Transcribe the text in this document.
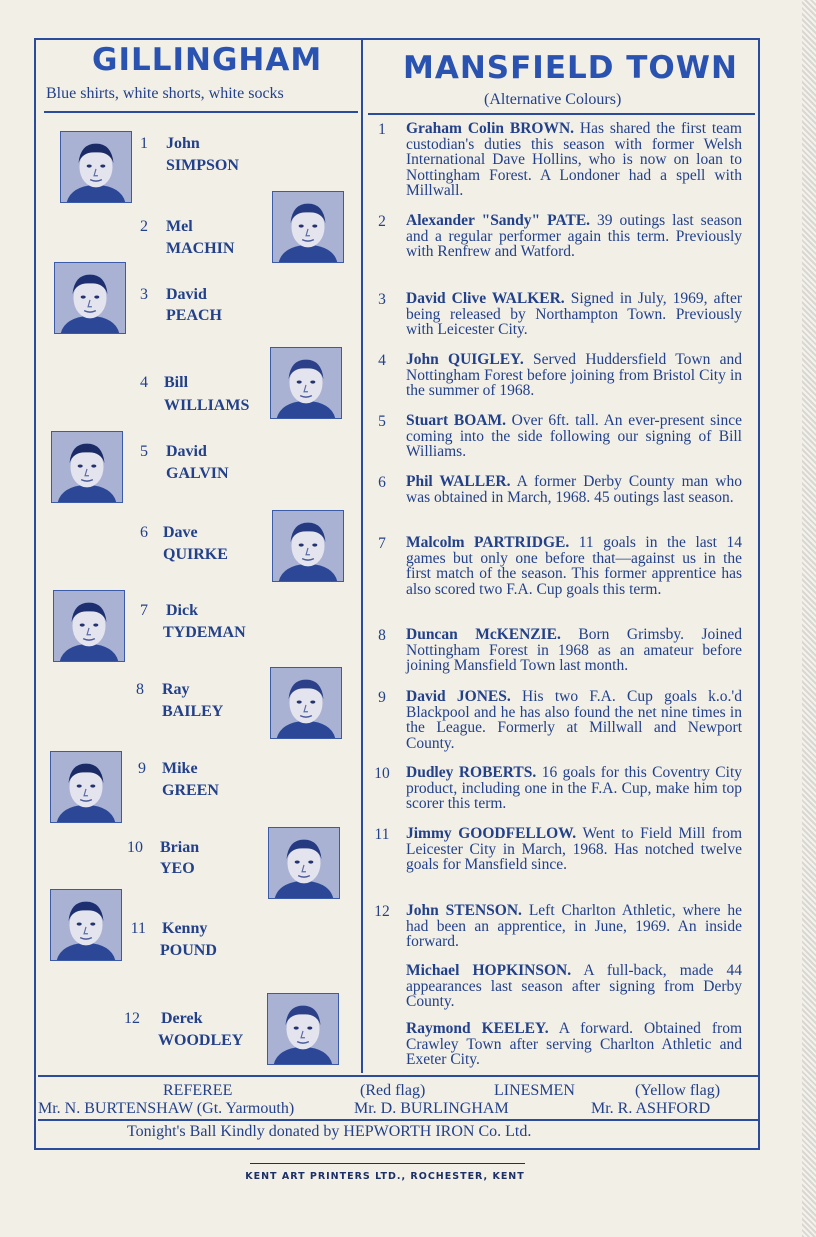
GILLINGHAM
Blue shirts, white shorts, white socks
MANSFIELD TOWN
(Alternative Colours)
1 John
SIMPSON
2 Mel
MACHIN
3 David
PEACH
4 Bill
WILLIAMS
5 David
GALVIN
6 Dave
QUIRKE
7 Dick
TYDEMAN
8 Ray
BAILEY
9 Mike
GREEN
10 Brian
YEO
11 Kenny
POUND
12 Derek
WOODLEY
1	Graham Colin BROWN. Has shared the first team custodian's duties this season with former Welsh International Dave Hollins, who is now on loan to Nottingham Forest. A Londoner had a spell with Millwall.
2	Alexander "Sandy" PATE. 39 outings last season and a regular performer again this term. Previously with Renfrew and Watford.
3	David Clive WALKER. Signed in July, 1969, after being released by Northampton Town. Previously with Leicester City.
4	John QUIGLEY. Served Huddersfield Town and Nottingham Forest before joining from Bristol City in the summer of 1968.
5	Stuart BOAM. Over 6ft. tall. An ever-present since coming into the side following our signing of Bill Williams.
6	Phil WALLER. A former Derby County man who was obtained in March, 1968. 45 outings last season.
7	Malcolm PARTRIDGE. 11 goals in the last 14 games but only one before that—against us in the first match of the season. This former apprentice has also scored two F.A. Cup goals this term.
8	Duncan McKENZIE. Born Grimsby. Joined Nottingham Forest in 1968 as an amateur before joining Mansfield Town last month.
9	David JONES. His two F.A. Cup goals k.o.'d Blackpool and he has also found the net nine times in the League. Formerly at Millwall and Newport County.
10 Dudley ROBERTS. 16 goals for this Coventry City product, including one in the F.A. Cup, make him top scorer this term.
11 Jimmy GOODFELLOW. Went to Field Mill from Leicester City in March, 1968. Has notched twelve goals for Mansfield since.
12 John STENSON. Left Charlton Athletic, where he had been an apprentice, in June, 1969. An inside forward.
Michael HOPKINSON. A full-back, made 44 appearances last season after signing from Derby County.
Raymond KEELEY. A forward. Obtained from Crawley Town after serving Charlton Athletic and Exeter City.
REFEREE	(Red flag)	LINESMEN	(Yellow flag)
Mr. N. BURTENSHAW (Gt. Yarmouth)	Mr. D. BURLINGHAM	Mr. R. ASHFORD
Tonight's Ball Kindly donated by HEPWORTH IRON Co. Ltd.
KENT ART PRINTERS LTD., ROCHESTER, KENT
